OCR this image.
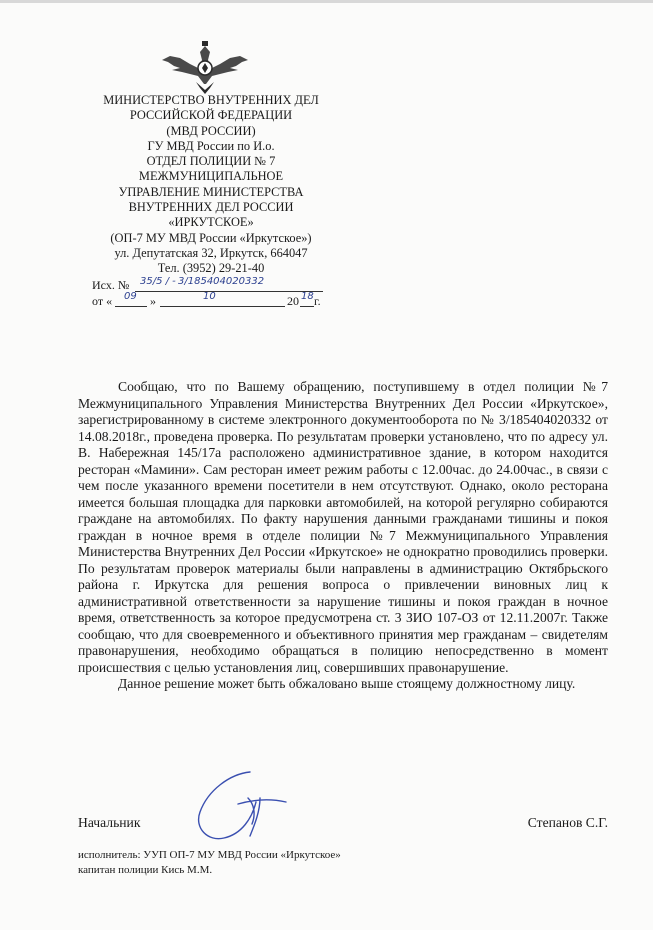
МИНИСТЕРСТВО ВНУТРЕННИХ ДЕЛ
РОССИЙСКОЙ ФЕДЕРАЦИИ
(МВД РОССИИ)
ГУ МВД России по И.о.
ОТДЕЛ ПОЛИЦИИ № 7
МЕЖМУНИЦИПАЛЬНОЕ
УПРАВЛЕНИЕ МИНИСТЕРСТВА
ВНУТРЕННИХ ДЕЛ РОССИИ
«ИРКУТСКОЕ»
(ОП-7 МУ МВД России «Иркутское»)
ул. Депутатская 32, Иркутск, 664047
Тел. (3952) 29-21-40
Исх. № 35/5 / - 3/185404020332
от «	»	20 г.
09	10	18

Сообщаю, что по Вашему обращению, поступившему в отдел полиции №7 Межмуниципального Управления Министерства Внутренних Дел России «Иркутское», зарегистрированному в системе электронного документооборота по № 3/185404020332 от 14.08.2018г., проведена проверка. По результатам проверки установлено, что по адресу ул. В. Набережная 145/17а расположено административное здание, в котором находится ресторан «Мамини». Сам ресторан имеет режим работы с 12.00час. до 24.00час., в связи с чем после указанного времени посетители в нем отсутствуют. Однако, около ресторана имеется большая площадка для парковки автомобилей, на которой регулярно собираются граждане на автомобилях. По факту нарушения данными гражданами тишины и покоя граждан в ночное время в отделе полиции №7 Межмуниципального Управления Министерства Внутренних Дел России «Иркутское» не однократно проводились проверки. По результатам проверок материалы были направлены в администрацию Октябрьского района г. Иркутска для решения вопроса о привлечении виновных лиц к административной ответственности за нарушение тишины и покоя граждан в ночное время, ответственность за которое предусмотрена ст. 3 ЗИО 107-ОЗ от 12.11.2007г. Также сообщаю, что для своевременного и объективного принятия мер гражданам – свидетелям правонарушения, необходимо обращаться в полицию непосредственно в момент происшествия с целью установления лиц, совершивших правонарушение.

Данное решение может быть обжаловано выше стоящему должностному лицу.

Начальник	Степанов С.Г.
исполнитель: УУП ОП-7 МУ МВД России «Иркутское»
капитан полиции Кись М.М.
